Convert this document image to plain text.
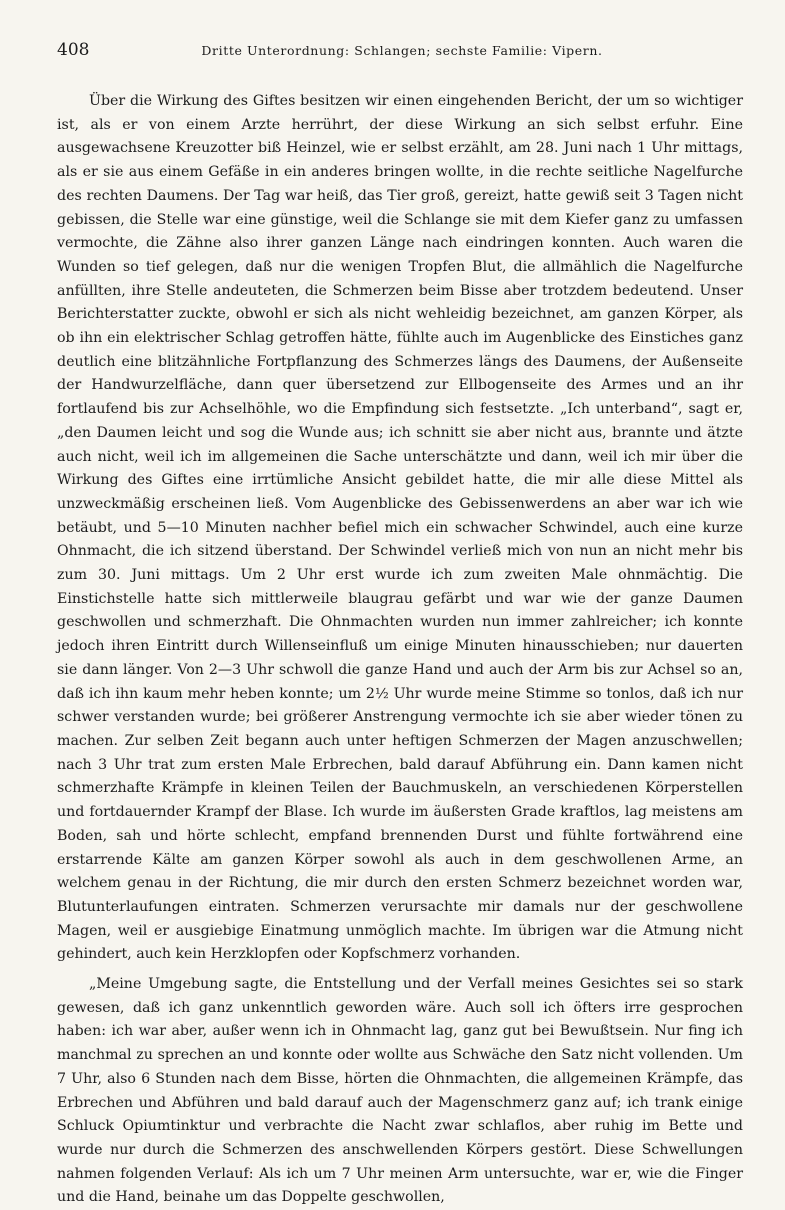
408	Dritte Unterordnung: Schlangen; sechste Familie: Vipern.

Über die Wirkung des Giftes besitzen wir einen eingehenden Bericht, der um so wichtiger ist, als er von einem Arzte herrührt, der diese Wirkung an sich selbst erfuhr. Eine ausgewachsene Kreuzotter biß Heinzel, wie er selbst erzählt, am 28. Juni nach 1 Uhr mittags, als er sie aus einem Gefäße in ein anderes bringen wollte, in die rechte seitliche Nagelfurche des rechten Daumens. Der Tag war heiß, das Tier groß, gereizt, hatte gewiß seit 3 Tagen nicht gebissen, die Stelle war eine günstige, weil die Schlange sie mit dem Kiefer ganz zu umfassen vermochte, die Zähne also ihrer ganzen Länge nach eindringen konnten. Auch waren die Wunden so tief gelegen, daß nur die wenigen Tropfen Blut, die allmählich die Nagelfurche anfüllten, ihre Stelle andeuteten, die Schmerzen beim Bisse aber trotzdem bedeutend. Unser Berichterstatter zuckte, obwohl er sich als nicht wehleidig bezeichnet, am ganzen Körper, als ob ihn ein elektrischer Schlag getroffen hätte, fühlte auch im Augenblicke des Einstiches ganz deutlich eine blitzähnliche Fortpflanzung des Schmerzes längs des Daumens, der Außenseite der Handwurzelfläche, dann quer übersetzend zur Ellbogenseite des Armes und an ihr fortlaufend bis zur Achselhöhle, wo die Empfindung sich festsetzte. „Ich unterband“, sagt er, „den Daumen leicht und sog die Wunde aus; ich schnitt sie aber nicht aus, brannte und ätzte auch nicht, weil ich im allgemeinen die Sache unterschätzte und dann, weil ich mir über die Wirkung des Giftes eine irrtümliche Ansicht gebildet hatte, die mir alle diese Mittel als unzweckmäßig erscheinen ließ. Vom Augenblicke des Gebissenwerdens an aber war ich wie betäubt, und 5—10 Minuten nachher befiel mich ein schwacher Schwindel, auch eine kurze Ohnmacht, die ich sitzend überstand. Der Schwindel verließ mich von nun an nicht mehr bis zum 30. Juni mittags. Um 2 Uhr erst wurde ich zum zweiten Male ohnmächtig. Die Einstichstelle hatte sich mittlerweile blaugrau gefärbt und war wie der ganze Daumen geschwollen und schmerzhaft. Die Ohnmachten wurden nun immer zahlreicher; ich konnte jedoch ihren Eintritt durch Willenseinfluß um einige Minuten hinausschieben; nur dauerten sie dann länger. Von 2—3 Uhr schwoll die ganze Hand und auch der Arm bis zur Achsel so an, daß ich ihn kaum mehr heben konnte; um 2½ Uhr wurde meine Stimme so tonlos, daß ich nur schwer verstanden wurde; bei größerer Anstrengung vermochte ich sie aber wieder tönen zu machen. Zur selben Zeit begann auch unter heftigen Schmerzen der Magen anzuschwellen; nach 3 Uhr trat zum ersten Male Erbrechen, bald darauf Abführung ein. Dann kamen nicht schmerzhafte Krämpfe in kleinen Teilen der Bauchmuskeln, an verschiedenen Körperstellen und fortdauernder Krampf der Blase. Ich wurde im äußersten Grade kraftlos, lag meistens am Boden, sah und hörte schlecht, empfand brennenden Durst und fühlte fortwährend eine erstarrende Kälte am ganzen Körper sowohl als auch in dem geschwollenen Arme, an welchem genau in der Richtung, die mir durch den ersten Schmerz bezeichnet worden war, Blutunterlaufungen eintraten. Schmerzen verursachte mir damals nur der geschwollene Magen, weil er ausgiebige Einatmung unmöglich machte. Im übrigen war die Atmung nicht gehindert, auch kein Herzklopfen oder Kopfschmerz vorhanden.

„Meine Umgebung sagte, die Entstellung und der Verfall meines Gesichtes sei so stark gewesen, daß ich ganz unkenntlich geworden wäre. Auch soll ich öfters irre gesprochen haben: ich war aber, außer wenn ich in Ohnmacht lag, ganz gut bei Bewußtsein. Nur fing ich manchmal zu sprechen an und konnte oder wollte aus Schwäche den Satz nicht vollenden. Um 7 Uhr, also 6 Stunden nach dem Bisse, hörten die Ohnmachten, die allgemeinen Krämpfe, das Erbrechen und Abführen und bald darauf auch der Magenschmerz ganz auf; ich trank einige Schluck Opiumtinktur und verbrachte die Nacht zwar schlaflos, aber ruhig im Bette und wurde nur durch die Schmerzen des anschwellenden Körpers gestört. Diese Schwellungen nahmen folgenden Verlauf: Als ich um 7 Uhr meinen Arm untersuchte, war er, wie die Finger und die Hand, beinahe um das Doppelte geschwollen,
